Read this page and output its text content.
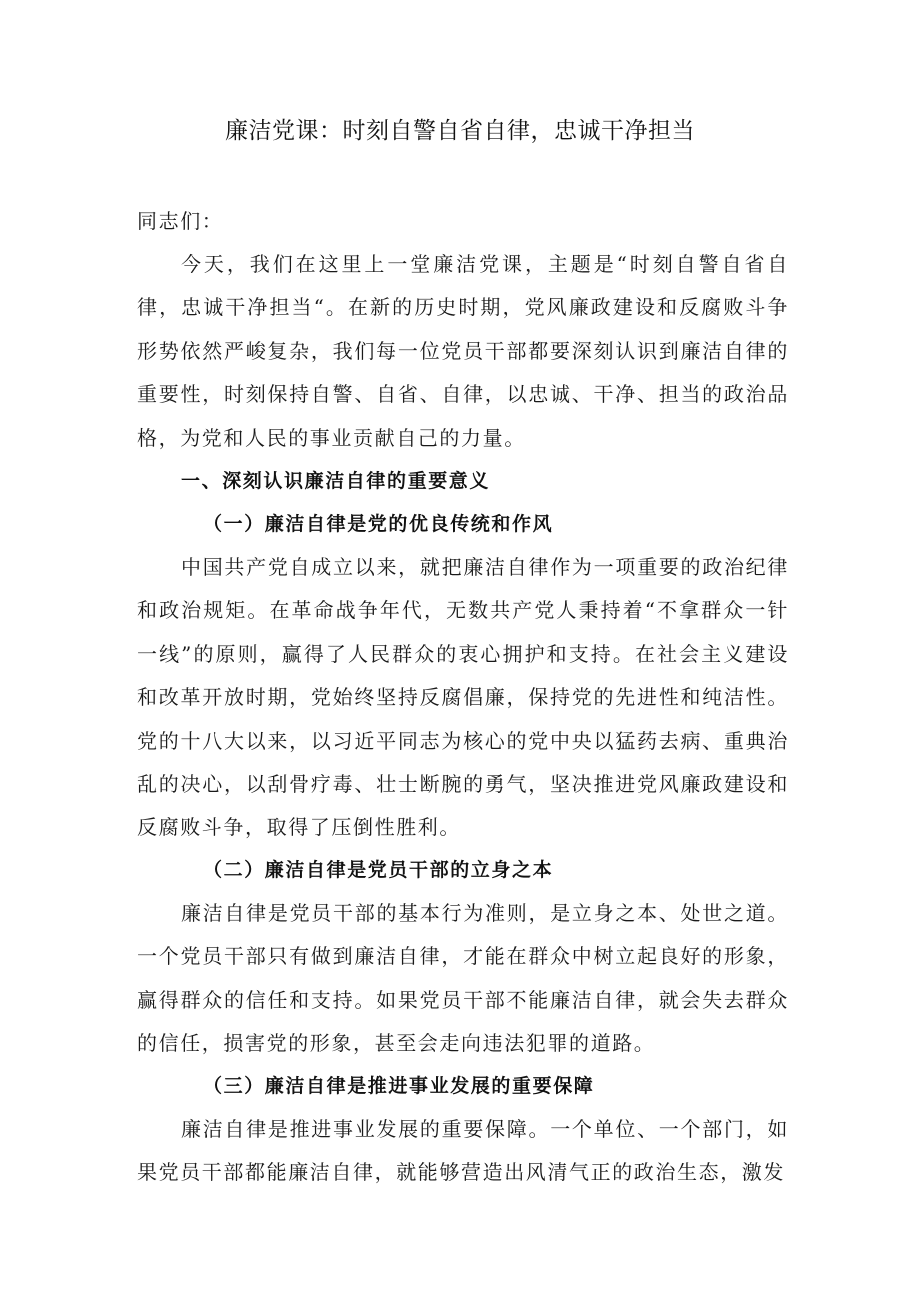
廉洁党课：时刻自警自省自律，忠诚干净担当
同志们：

今天，我们在这里上一堂廉洁党课，主题是“时刻自警自省自律，忠诚干净担当“。在新的历史时期，党风廉政建设和反腐败斗争形势依然严峻复杂，我们每一位党员干部都要深刻认识到廉洁自律的重要性，时刻保持自警、自省、自律，以忠诚、干净、担当的政治品格，为党和人民的事业贡献自己的力量。

一、深刻认识廉洁自律的重要意义
（一）廉洁自律是党的优良传统和作风

中国共产党自成立以来，就把廉洁自律作为一项重要的政治纪律和政治规矩。在革命战争年代，无数共产党人秉持着“不拿群众一针一线”的原则，赢得了人民群众的衷心拥护和支持。在社会主义建设和改革开放时期，党始终坚持反腐倡廉，保持党的先进性和纯洁性。党的十八大以来，以习近平同志为核心的党中央以猛药去病、重典治乱的决心，以刮骨疗毒、壮士断腕的勇气，坚决推进党风廉政建设和反腐败斗争，取得了压倒性胜利。

（二）廉洁自律是党员干部的立身之本

廉洁自律是党员干部的基本行为准则，是立身之本、处世之道。一个党员干部只有做到廉洁自律，才能在群众中树立起良好的形象，赢得群众的信任和支持。如果党员干部不能廉洁自律，就会失去群众的信任，损害党的形象，甚至会走向违法犯罪的道路。

（三）廉洁自律是推进事业发展的重要保障

廉洁自律是推进事业发展的重要保障。一个单位、一个部门，如果党员干部都能廉洁自律，就能够营造出风清气正的政治生态，激发
